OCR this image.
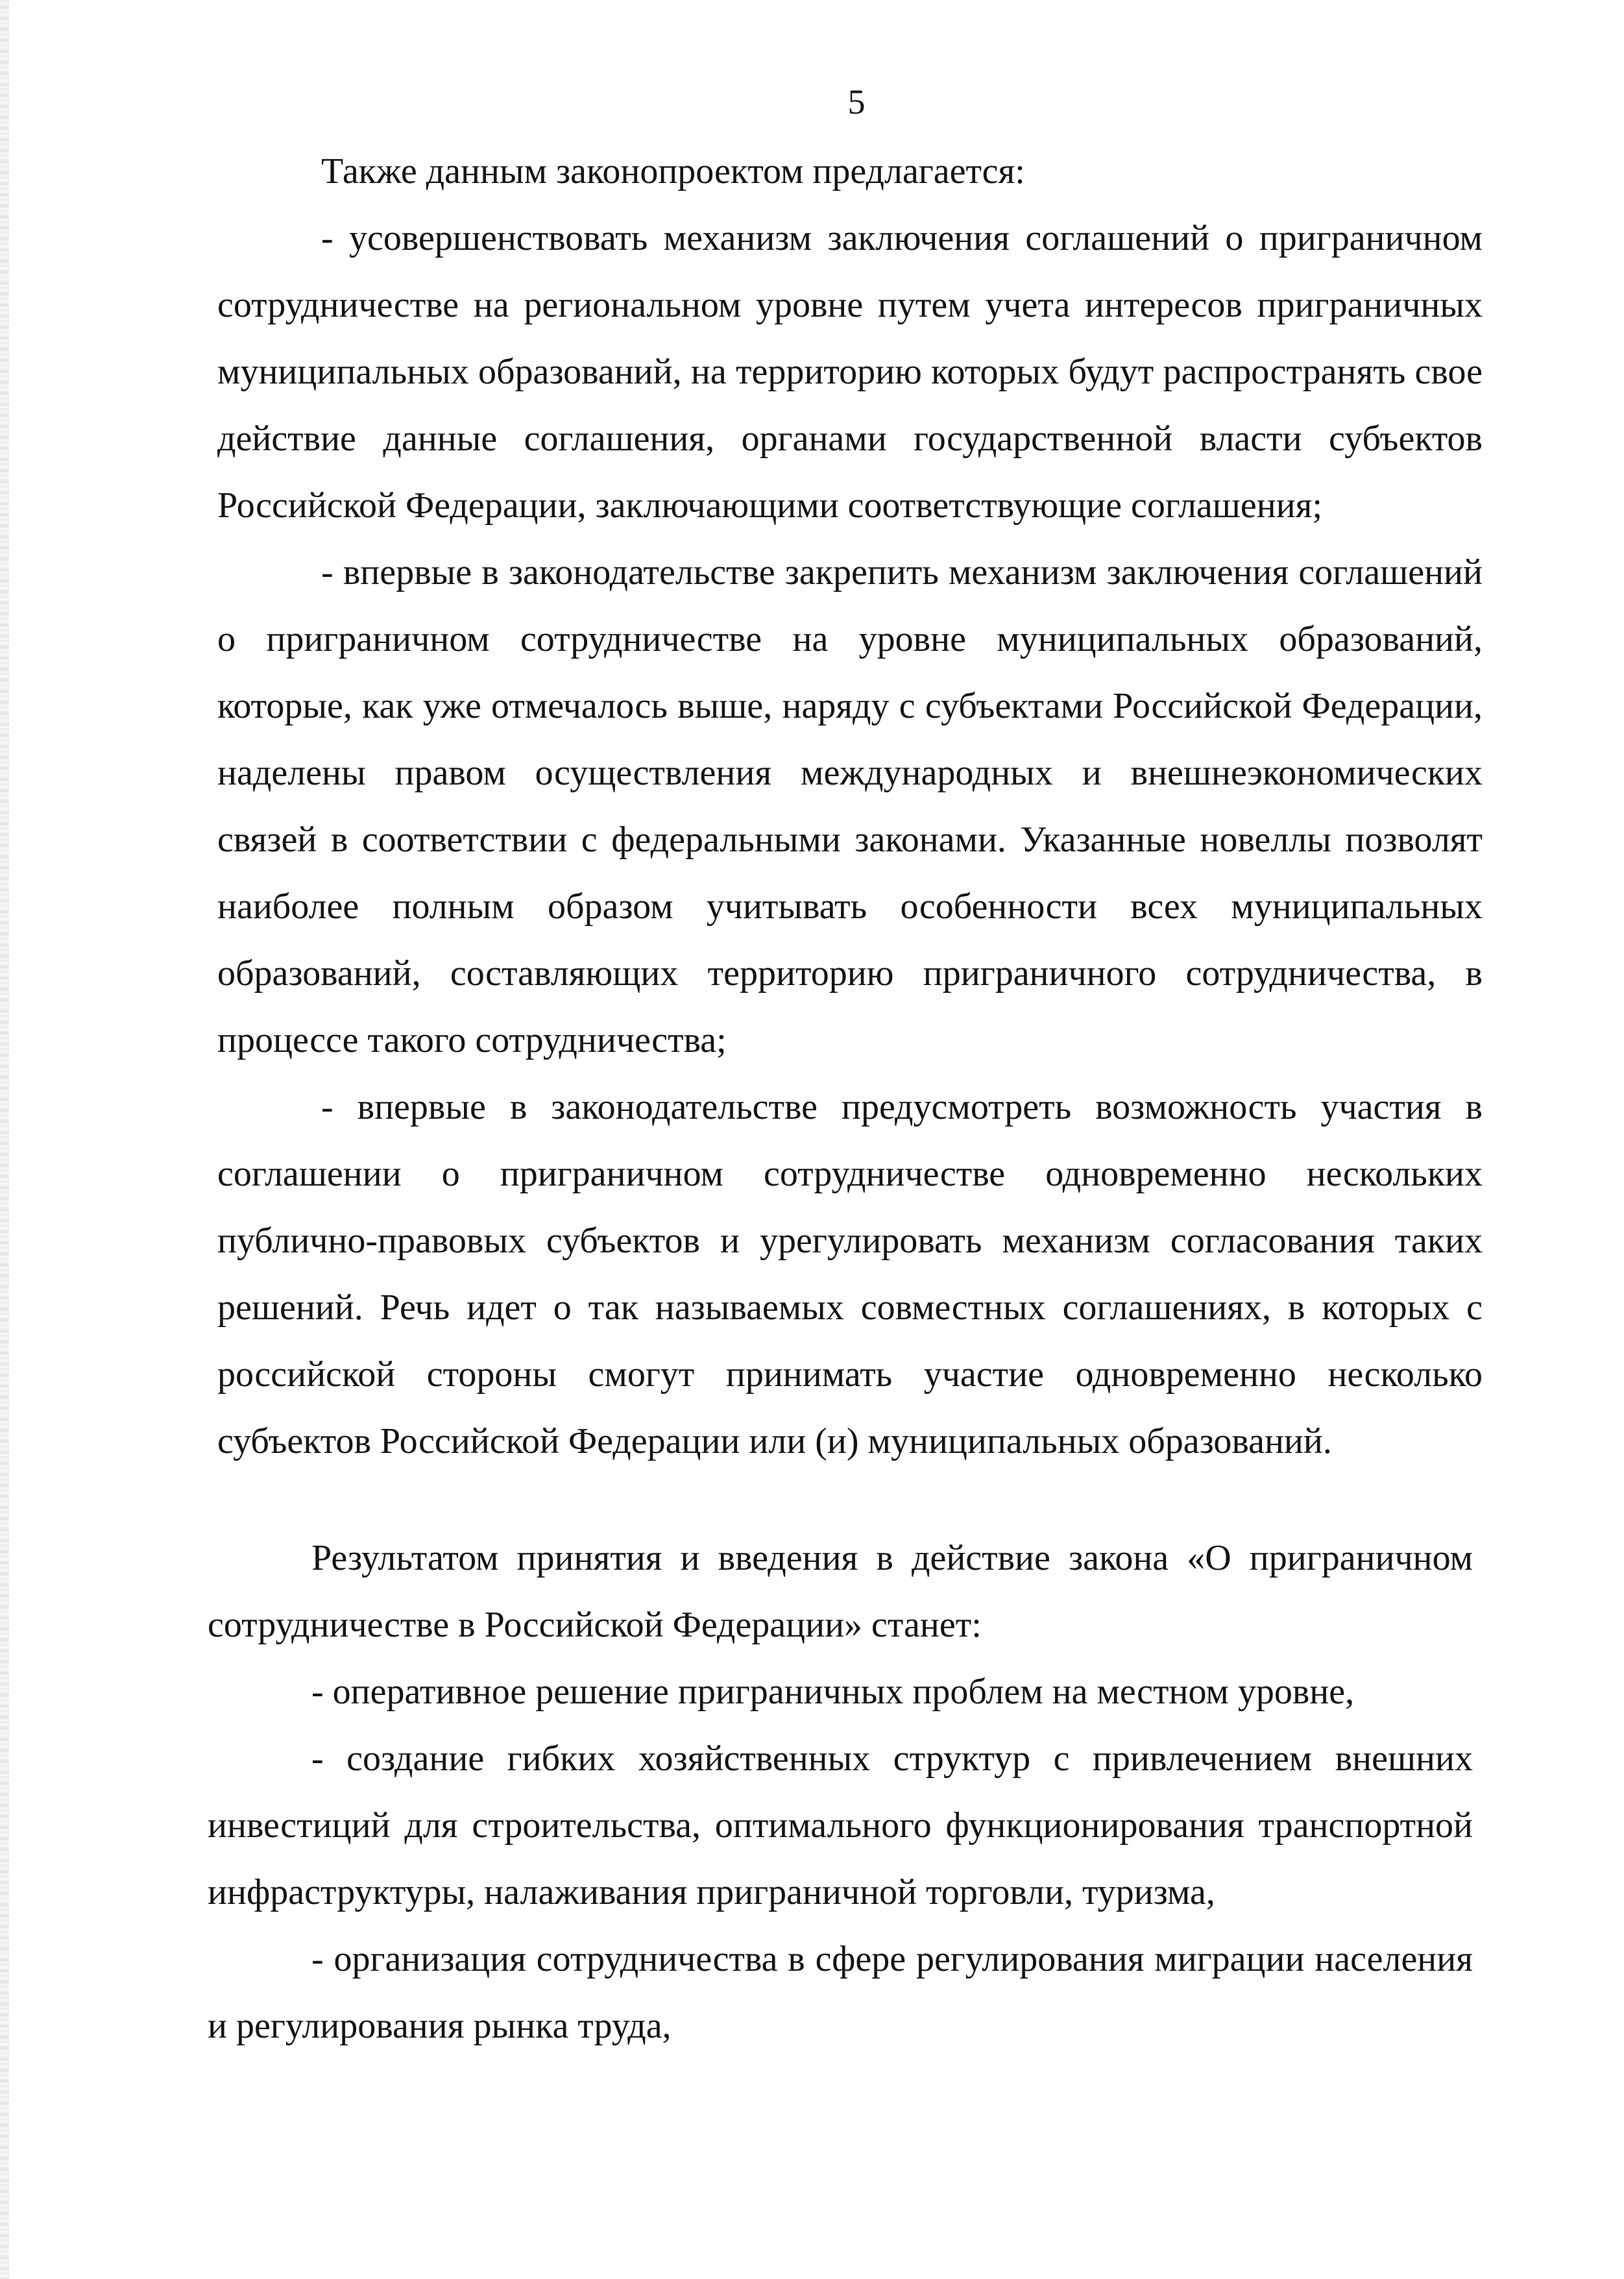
5

Также данным законопроектом предлагается:

- усовершенствовать механизм заключения соглашений о приграничном сотрудничестве на региональном уровне путем учета интересов приграничных муниципальных образований, на территорию которых будут распространять свое действие данные соглашения, органами государственной власти субъектов Российской Федерации, заключающими соответствующие соглашения;

- впервые в законодательстве закрепить механизм заключения соглашений о приграничном сотрудничестве на уровне муниципальных образований, которые, как уже отмечалось выше, наряду с субъектами Российской Федерации, наделены правом осуществления международных и внешнеэкономических связей в соответствии с федеральными законами. Указанные новеллы позволят наиболее полным образом учитывать особенности всех муниципальных образований, составляющих территорию приграничного сотрудничества, в процессе такого сотрудничества;

- впервые в законодательстве предусмотреть возможность участия в соглашении о приграничном сотрудничестве одновременно нескольких публично-правовых субъектов и урегулировать механизм согласования таких решений. Речь идет о так называемых совместных соглашениях, в которых с российской стороны смогут принимать участие одновременно несколько субъектов Российской Федерации или (и) муниципальных образований.

Результатом принятия и введения в действие закона «О приграничном сотрудничестве в Российской Федерации» станет:

- оперативное решение приграничных проблем на местном уровне,

- создание гибких хозяйственных структур с привлечением внешних инвестиций для строительства, оптимального функционирования транспортной инфраструктуры, налаживания приграничной торговли, туризма,

- организация сотрудничества в сфере регулирования миграции населения и регулирования рынка труда,
